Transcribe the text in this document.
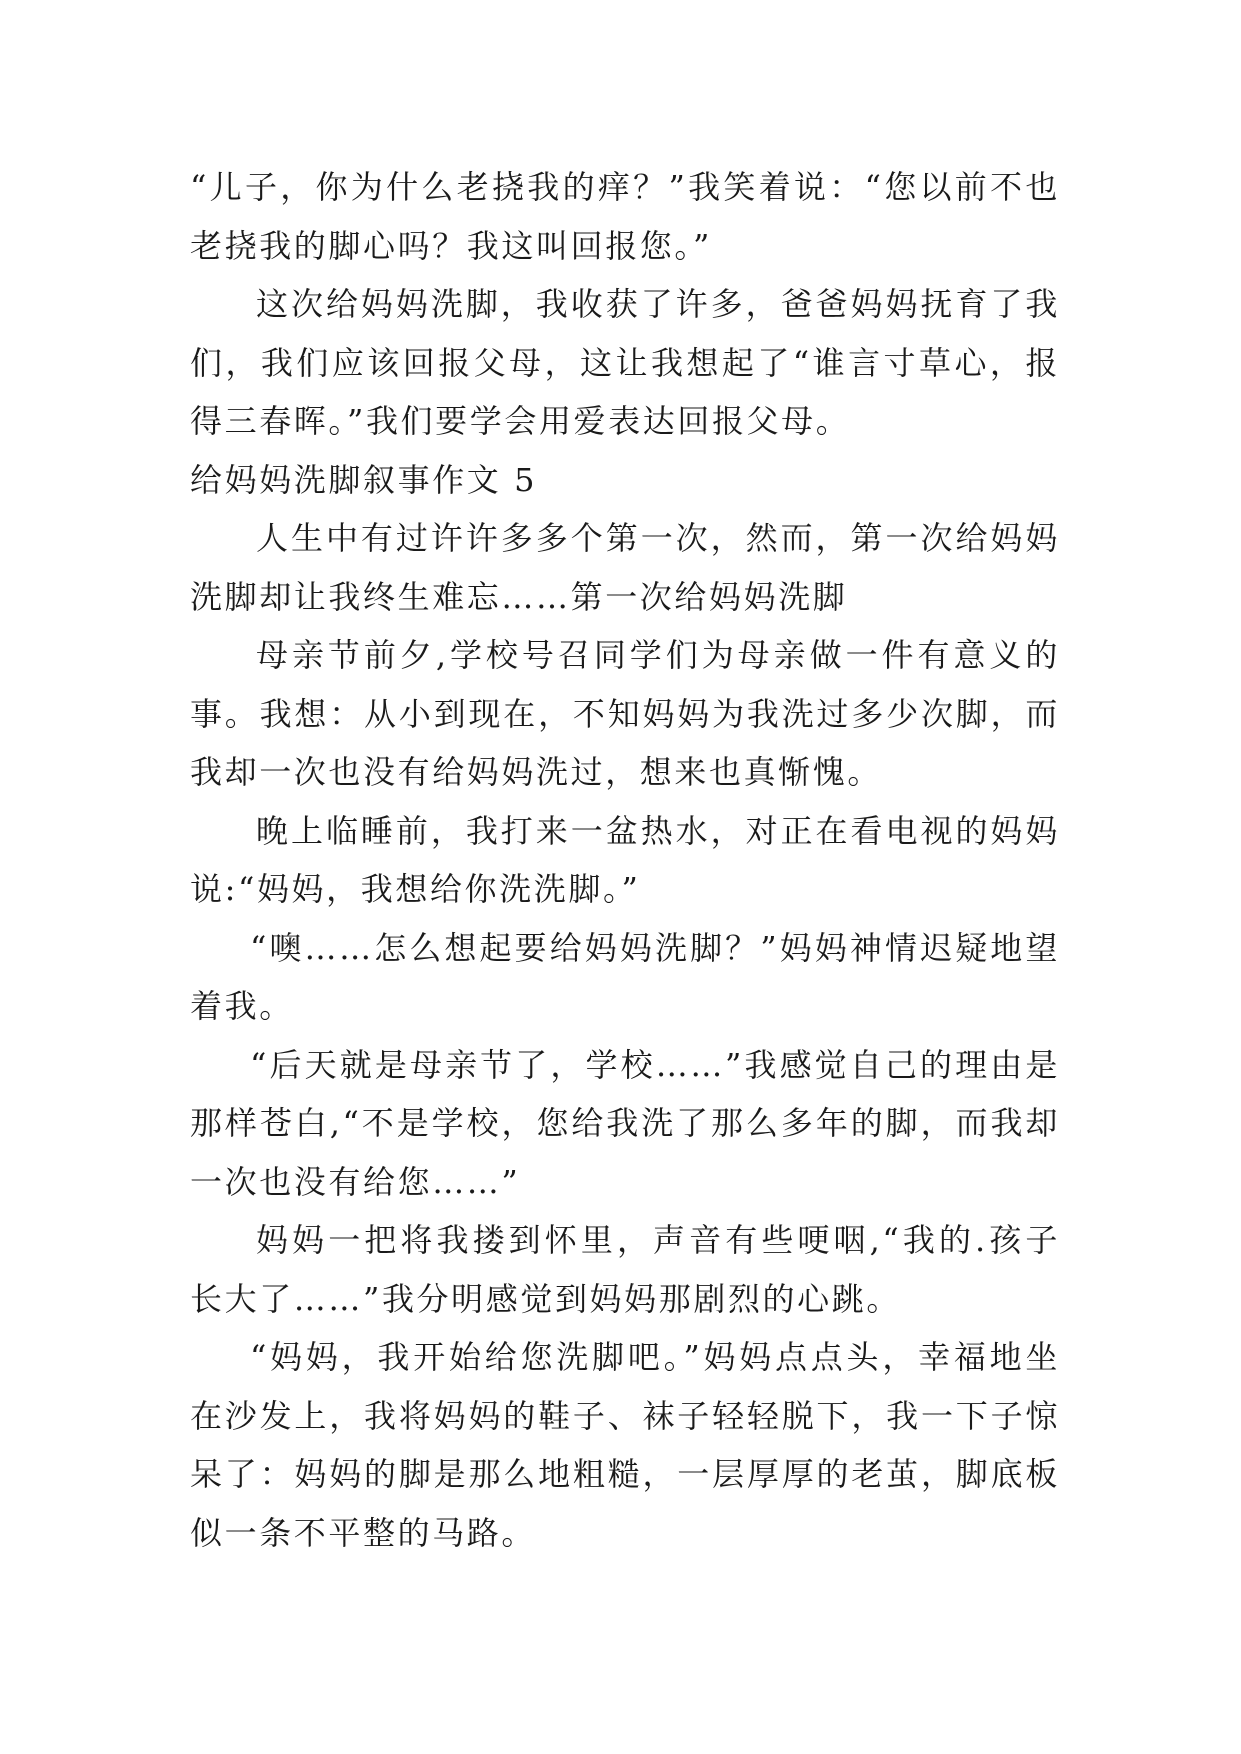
“儿子，你为什么老挠我的痒？”我笑着说：“您以前不也老挠我的脚心吗？我这叫回报您。”

这次给妈妈洗脚，我收获了许多，爸爸妈妈抚育了我们，我们应该回报父母，这让我想起了“谁言寸草心，报得三春晖。”我们要学会用爱表达回报父母。

给妈妈洗脚叙事作文 5

人生中有过许许多多个第一次，然而，第一次给妈妈洗脚却让我终生难忘……第一次给妈妈洗脚

母亲节前夕,学校号召同学们为母亲做一件有意义的事。我想：从小到现在，不知妈妈为我洗过多少次脚，而我却一次也没有给妈妈洗过，想来也真惭愧。

晚上临睡前，我打来一盆热水，对正在看电视的妈妈说:“妈妈，我想给你洗洗脚。”

“噢……怎么想起要给妈妈洗脚？”妈妈神情迟疑地望着我。

“后天就是母亲节了，学校……”我感觉自己的理由是那样苍白,“不是学校，您给我洗了那么多年的脚，而我却一次也没有给您……”

妈妈一把将我搂到怀里，声音有些哽咽,“我的.孩子长大了……”我分明感觉到妈妈那剧烈的心跳。

“妈妈，我开始给您洗脚吧。”妈妈点点头，幸福地坐在沙发上，我将妈妈的鞋子、袜子轻轻脱下，我一下子惊呆了：妈妈的脚是那么地粗糙，一层厚厚的老茧，脚底板似一条不平整的马路。
